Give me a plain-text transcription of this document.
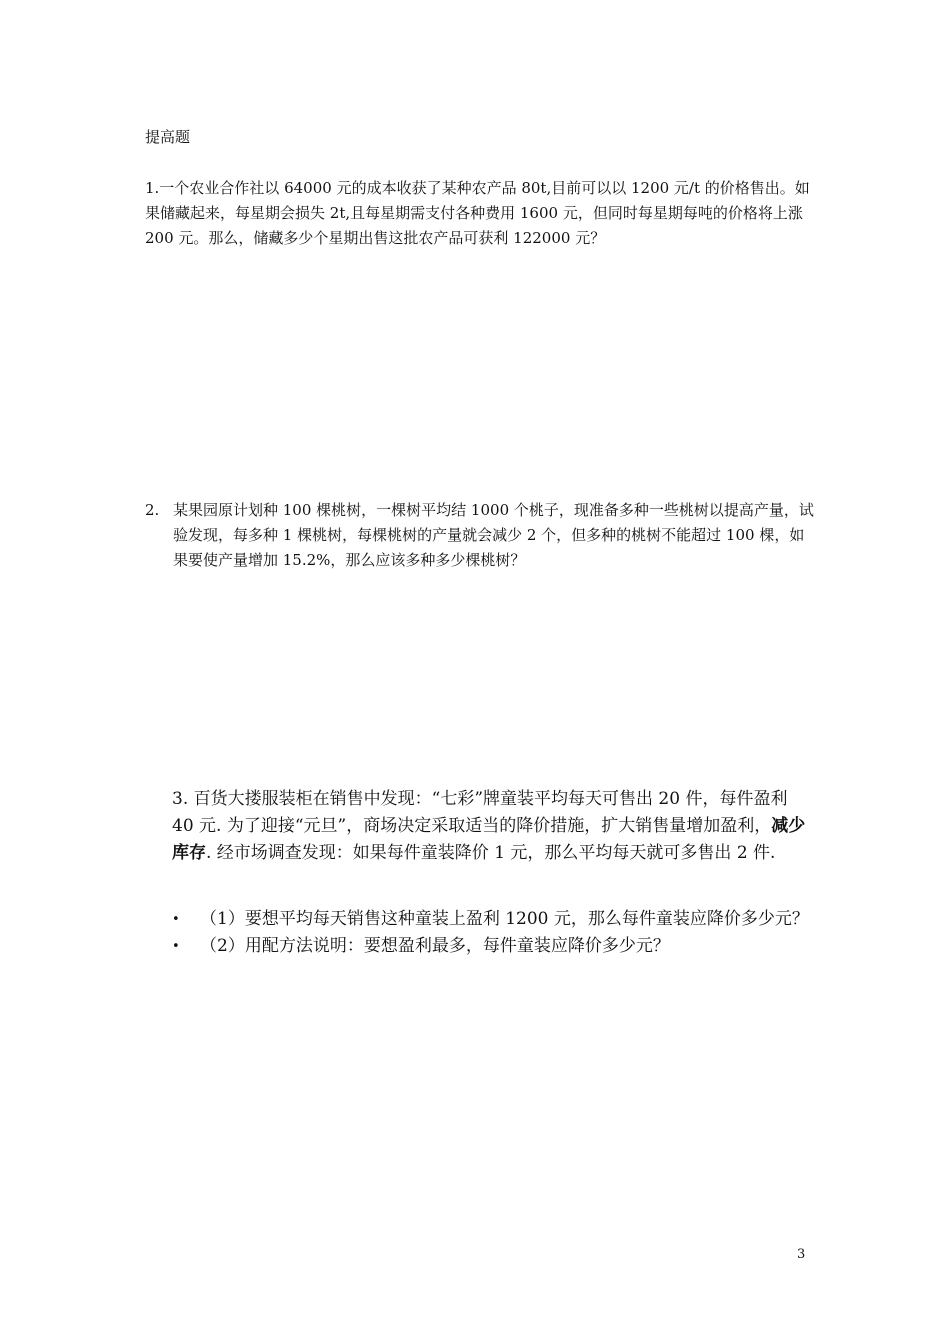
提高题

1.一个农业合作社以 64000 元的成本收获了某种农产品 80t,目前可以以 1200 元/t 的价格售出。如果储藏起来，每星期会损失 2t,且每星期需支付各种费用 1600 元，但同时每星期每吨的价格将上涨 200 元。那么，储藏多少个星期出售这批农产品可获利 122000 元？

2. 某果园原计划种 100 棵桃树，一棵树平均结 1000 个桃子，现准备多种一些桃树以提高产量，试验发现，每多种 1 棵桃树，每棵桃树的产量就会减少 2 个，但多种的桃树不能超过 100 棵，如果要使产量增加 15.2%，那么应该多种多少棵桃树？

3. 百货大搂服装柜在销售中发现：“七彩”牌童装平均每天可售出 20 件，每件盈利 40 元. 为了迎接“元旦”，商场决定采取适当的降价措施，扩大销售量增加盈利，减少库存. 经市场调查发现：如果每件童装降价 1 元，那么平均每天就可多售出 2 件.

• （1）要想平均每天销售这种童装上盈利 1200 元，那么每件童装应降价多少元？
• （2）用配方法说明：要想盈利最多，每件童装应降价多少元？
3
